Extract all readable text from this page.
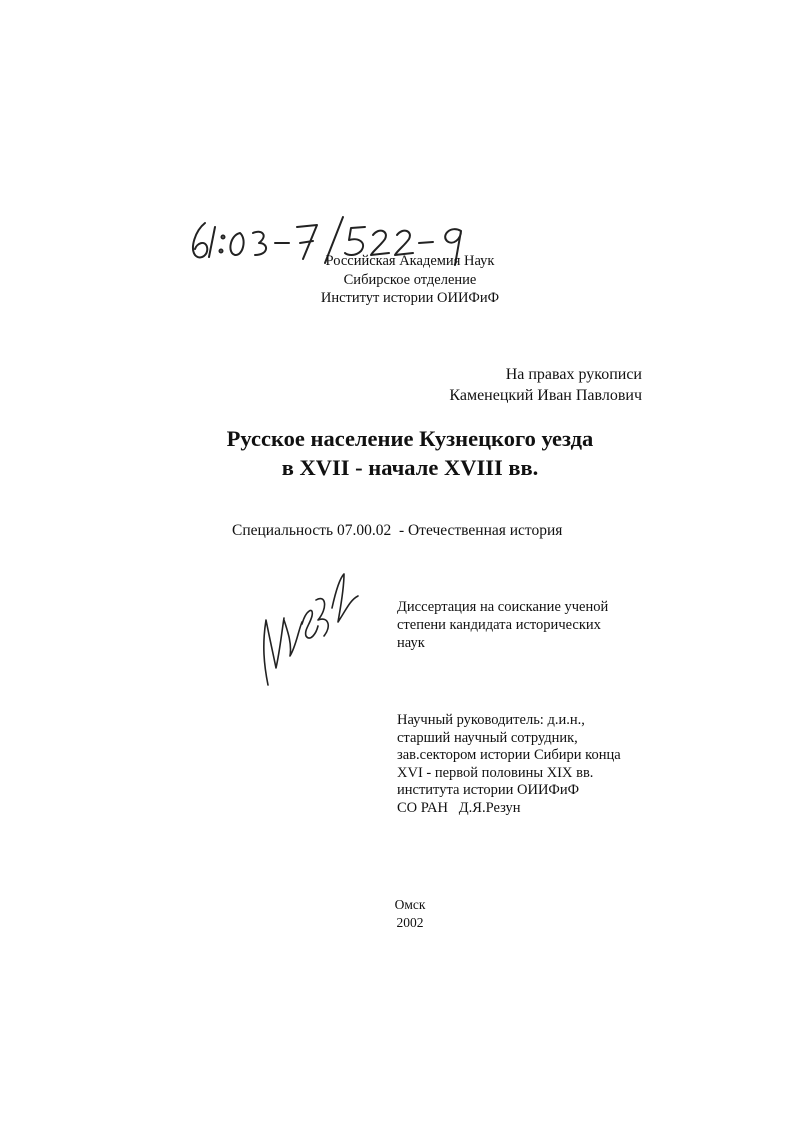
Российская Академия Наук
Сибирское отделение
Институт истории ОИИФиФ
На правах рукописи
Каменецкий Иван Павлович
Русское население Кузнецкого уезда
в XVII - начале XVIII вв.
Специальность 07.00.02  - Отечественная история
Диссертация на соискание ученой
степени кандидата исторических
наук
Научный руководитель: д.и.н.,
старший научный сотрудник,
зав.сектором истории Сибири конца
XVI - первой половины XIX вв.
института истории ОИИФиФ
СО РАН   Д.Я.Резун
Омск
2002
